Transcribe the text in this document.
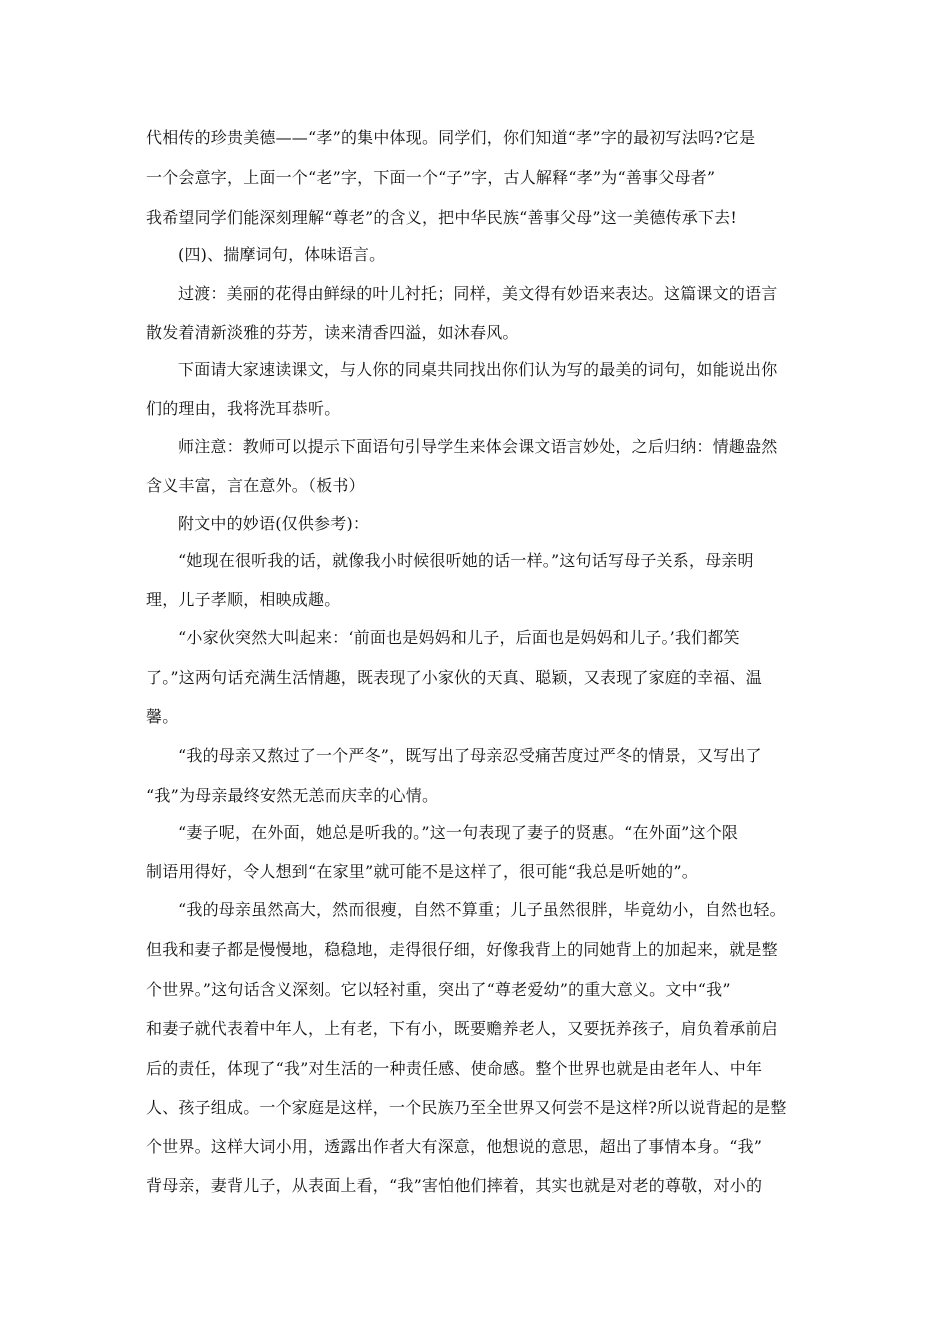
代相传的珍贵美德——“孝”的集中体现。同学们，你们知道“孝”字的最初写法吗?它是
一个会意字，上面一个“老”字，下面一个“子”字，古人解释“孝”为“善事父母者”
我希望同学们能深刻理解“尊老”的含义，把中华民族“善事父母”这一美德传承下去!
(四)、揣摩词句，体味语言。
过渡：美丽的花得由鲜绿的叶儿衬托；同样，美文得有妙语来表达。这篇课文的语言
散发着清新淡雅的芬芳，读来清香四溢，如沐春风。
下面请大家速读课文，与人你的同桌共同找出你们认为写的最美的词句，如能说出你
们的理由，我将洗耳恭听。
师注意：教师可以提示下面语句引导学生来体会课文语言妙处，之后归纳：情趣盎然
含义丰富，言在意外。（板书）
附文中的妙语(仅供参考)：
“她现在很听我的话，就像我小时候很听她的话一样。”这句话写母子关系，母亲明
理，儿子孝顺，相映成趣。
“小家伙突然大叫起来：‘前面也是妈妈和儿子，后面也是妈妈和儿子。’我们都笑
了。”这两句话充满生活情趣，既表现了小家伙的天真、聪颖，又表现了家庭的幸福、温
馨。
“我的母亲又熬过了一个严冬”，既写出了母亲忍受痛苦度过严冬的情景，又写出了
“我”为母亲最终安然无恙而庆幸的心情。
“妻子呢，在外面，她总是听我的。”这一句表现了妻子的贤惠。“在外面”这个限
制语用得好，令人想到“在家里”就可能不是这样了，很可能“我总是听她的”。
“我的母亲虽然高大，然而很瘦，自然不算重；儿子虽然很胖，毕竟幼小，自然也轻。
但我和妻子都是慢慢地，稳稳地，走得很仔细，好像我背上的同她背上的加起来，就是整
个世界。”这句话含义深刻。它以轻衬重，突出了“尊老爱幼”的重大意义。文中“我”
和妻子就代表着中年人，上有老，下有小，既要赡养老人，又要抚养孩子，肩负着承前启
后的责任，体现了“我”对生活的一种责任感、使命感。整个世界也就是由老年人、中年
人、孩子组成。一个家庭是这样，一个民族乃至全世界又何尝不是这样?所以说背起的是整
个世界。这样大词小用，透露出作者大有深意，他想说的意思，超出了事情本身。“我”
背母亲，妻背儿子，从表面上看，“我”害怕他们摔着，其实也就是对老的尊敬，对小的
